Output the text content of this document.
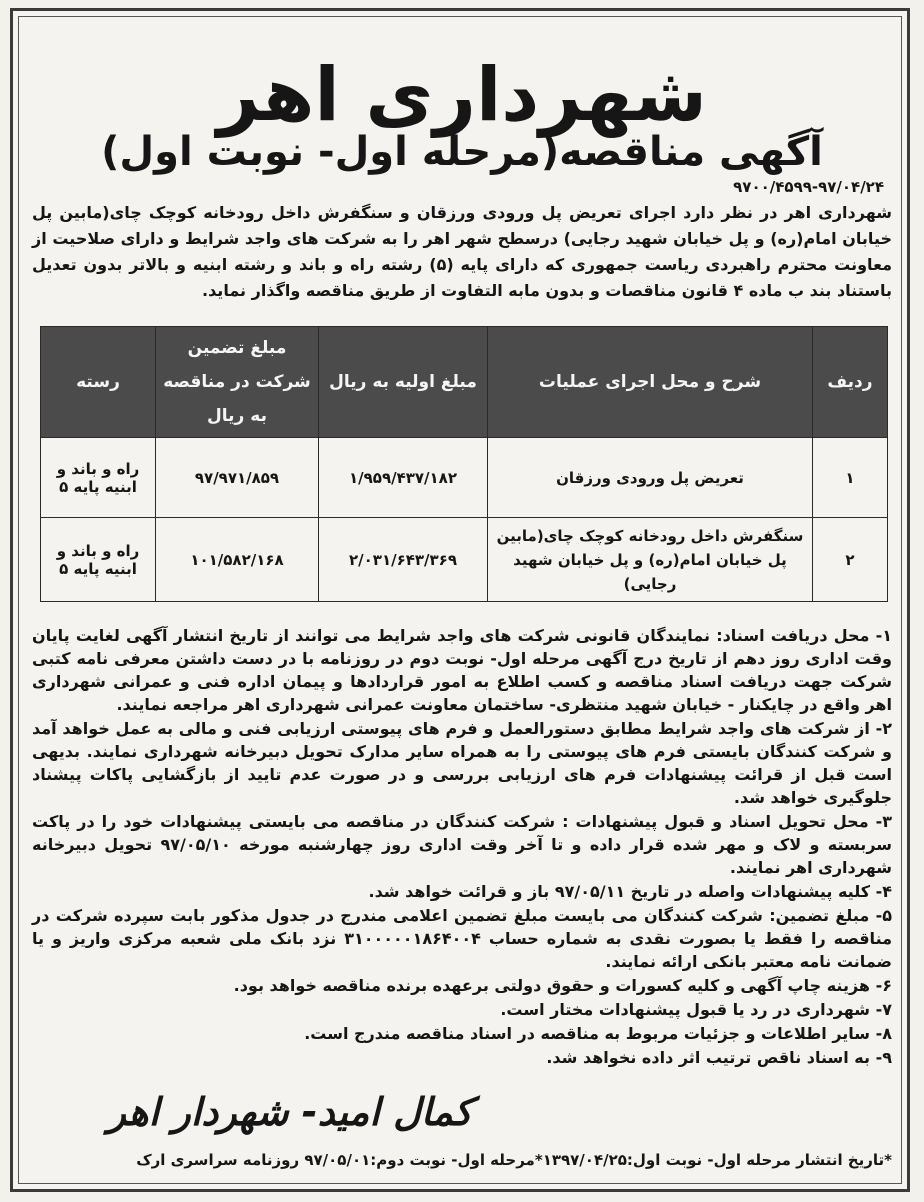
شهرداری اهر
آگهی مناقصه(مرحله اول- نوبت اول)
۹۷۰۰/۴۵۹۹-۹۷/۰۴/۲۴
شهرداری اهر در نظر دارد اجرای تعریض پل ورودی ورزقان و سنگفرش داخل رودخانه کوچک چای(مابین پل خیابان امام(ره) و پل خیابان شهید رجایی) درسطح شهر اهر را به شرکت های واجد شرایط و دارای صلاحیت از معاونت محترم راهبردی ریاست جمهوری که دارای پایه (۵) رشته راه و باند و رشته ابنیه و بالاتر بدون تعدیل باستناد بند ب ماده ۴ قانون مناقصات و بدون مابه التفاوت از طریق مناقصه واگذار نماید.
ردیف	شرح و محل اجرای عملیات	مبلغ اولیه به ریال	مبلغ تضمین شرکت در مناقصه به ریال	رسته
۱	تعریض پل ورودی ورزقان	۱/۹۵۹/۴۳۷/۱۸۲	۹۷/۹۷۱/۸۵۹	راه و باند و ابنیه پایه ۵
۲	سنگفرش داخل رودخانه کوچک چای(مابین پل خیابان امام(ره) و پل خیابان شهید رجایی)	۲/۰۳۱/۶۴۳/۳۶۹	۱۰۱/۵۸۲/۱۶۸	راه و باند و ابنیه پایه ۵

۱- محل دریافت اسناد: نمایندگان قانونی شرکت های واجد شرایط می توانند از تاریخ انتشار آگهی لغایت پایان وقت اداری روز دهم از تاریخ درج آگهی مرحله اول- نوبت دوم در روزنامه با در دست داشتن معرفی نامه کتبی شرکت جهت دریافت اسناد مناقصه و کسب اطلاع به امور قراردادها و پیمان اداره فنی و عمرانی شهرداری اهر واقع در چایکنار - خیابان شهید منتظری- ساختمان معاونت عمرانی شهرداری اهر مراجعه نمایند.

۲- از شرکت های واجد شرایط مطابق دستورالعمل و فرم های پیوستی ارزیابی فنی و مالی به عمل خواهد آمد و شرکت کنندگان بایستی فرم های پیوستی را به همراه سایر مدارک تحویل دبیرخانه شهرداری نمایند. بدیهی است قبل از قرائت پیشنهادات فرم های ارزیابی بررسی و در صورت عدم تایید از بازگشایی پاکات پیشناد جلوگیری خواهد شد.

۳- محل تحویل اسناد و قبول پیشنهادات : شرکت کنندگان در مناقصه می بایستی پیشنهادات خود را در پاکت سربسته و لاک و مهر شده قرار داده و تا آخر وقت اداری روز چهارشنبه مورخه ۹۷/۰۵/۱۰ تحویل دبیرخانه شهرداری اهر نمایند.

۴- کلیه پیشنهادات واصله در تاریخ ۹۷/۰۵/۱۱ باز و قرائت خواهد شد.

۵- مبلغ تضمین: شرکت کنندگان می بایست مبلغ تضمین اعلامی مندرج در جدول مذکور بابت سپرده شرکت در مناقصه را فقط یا بصورت نقدی به شماره حساب ۳۱۰۰۰۰۰۱۸۶۴۰۰۴ نزد بانک ملی شعبه مرکزی واریز و یا ضمانت نامه معتبر بانکی ارائه نمایند.

۶- هزینه چاپ آگهی و کلیه کسورات و حقوق دولتی برعهده برنده مناقصه خواهد بود.

۷- شهرداری در رد یا قبول پیشنهادات مختار است.

۸- سایر اطلاعات و جزئیات مربوط به مناقصه در اسناد مناقصه مندرج است.

۹- به اسناد ناقص ترتیب اثر داده نخواهد شد.

کمال امید- شهردار اهر
*تاریخ انتشار مرحله اول- نوبت اول:۱۳۹۷/۰۴/۲۵*مرحله اول- نوبت دوم:۹۷/۰۵/۰۱ روزنامه سراسری ارک
